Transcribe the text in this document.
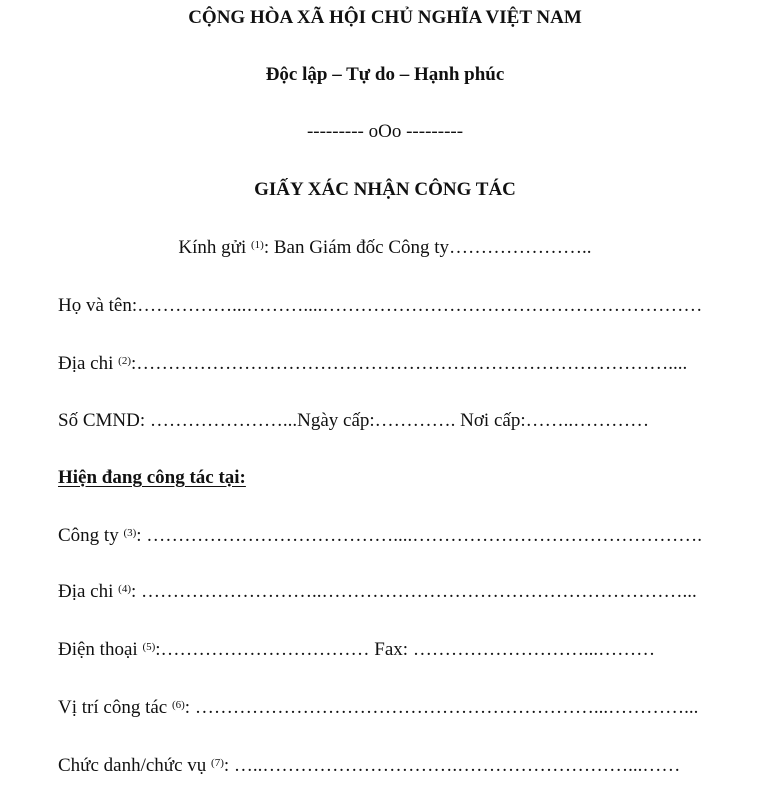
CỘNG HÒA XÃ HỘI CHỦ NGHĨA VIỆT NAM
Độc lập – Tự do – Hạnh phúc
--------- oOo ---------
GIẤY XÁC NHẬN CÔNG TÁC
Kính gửi $^{(1)}$: Ban Giám đốc Công ty…………………..
Họ và tên:……………...………....……………………………………………………
Địa chi $^{(2)}$:…………………………………………………………………………....
Số CMND: …………………...Ngày cấp:…………. Nơi cấp:……..…………
Hiện đang công tác tại:
Công ty $^{(3)}$: …………………………………....……………………………………….
Địa chi $^{(4)}$: ………………………..…………………………………………………...
Điện thoại $^{(5)}$:…………………………… Fax: ………………………...………
Vị trí công tác $^{(6)}$: ………………………………………………………...…………...
Chức danh/chức vụ $^{(7)}$: …..………………………….………………………...……
